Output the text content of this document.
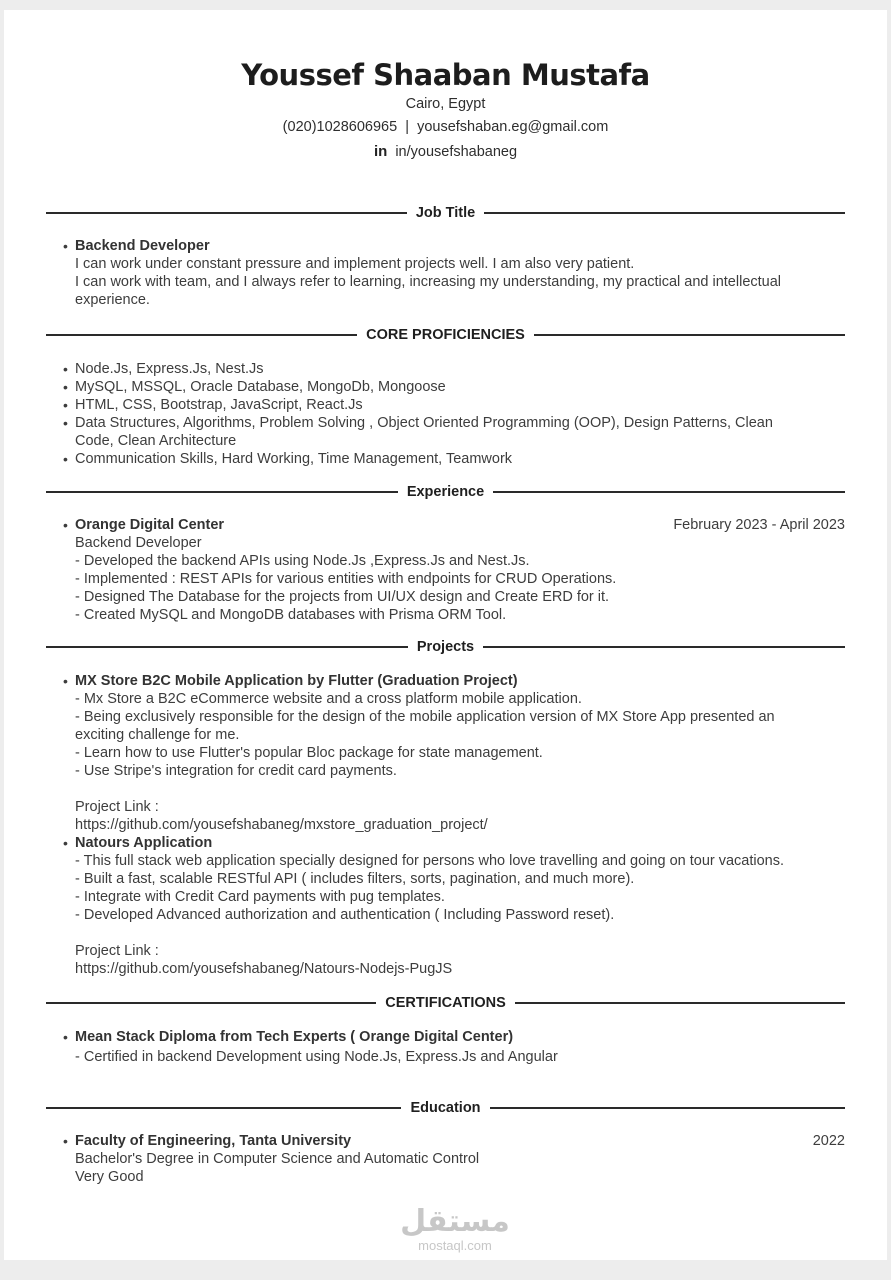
Youssef Shaaban Mustafa
Cairo, Egypt
(020)1028606965 | yousefshaban.eg@gmail.com
in in/yousefshabaneg
Job Title
• Backend Developer
I can work under constant pressure and implement projects well. I am also very patient.
I can work with team, and I always refer to learning, increasing my understanding, my practical and intellectual
experience.
CORE PROFICIENCIES
• Node.Js, Express.Js, Nest.Js
• MySQL, MSSQL, Oracle Database, MongoDb, Mongoose
• HTML, CSS, Bootstrap, JavaScript, React.Js
• Data Structures, Algorithms, Problem Solving , Object Oriented Programming (OOP), Design Patterns, Clean
Code, Clean Architecture
• Communication Skills, Hard Working, Time Management, Teamwork
Experience
• Orange Digital Center	February 2023 - April 2023
Backend Developer
- Developed the backend APIs using Node.Js ,Express.Js and Nest.Js.
- Implemented : REST APIs for various entities with endpoints for CRUD Operations.
- Designed The Database for the projects from UI/UX design and Create ERD for it.
- Created MySQL and MongoDB databases with Prisma ORM Tool.
Projects
• MX Store B2C Mobile Application by Flutter (Graduation Project)
- Mx Store a B2C eCommerce website and a cross platform mobile application.
- Being exclusively responsible for the design of the mobile application version of MX Store App presented an
exciting challenge for me.
- Learn how to use Flutter's popular Bloc package for state management.
- Use Stripe's integration for credit card payments.
Project Link :
https://github.com/yousefshabaneg/mxstore_graduation_project/
• Natours Application
- This full stack web application specially designed for persons who love travelling and going on tour vacations.
- Built a fast, scalable RESTful API ( includes filters, sorts, pagination, and much more).
- Integrate with Credit Card payments with pug templates.
- Developed Advanced authorization and authentication ( Including Password reset).
Project Link :
https://github.com/yousefshabaneg/Natours-Nodejs-PugJS
CERTIFICATIONS
• Mean Stack Diploma from Tech Experts ( Orange Digital Center)
- Certified in backend Development using Node.Js, Express.Js and Angular
Education
• Faculty of Engineering, Tanta University	2022
Bachelor's Degree in Computer Science and Automatic Control
Very Good
مستقل
mostaql.com
